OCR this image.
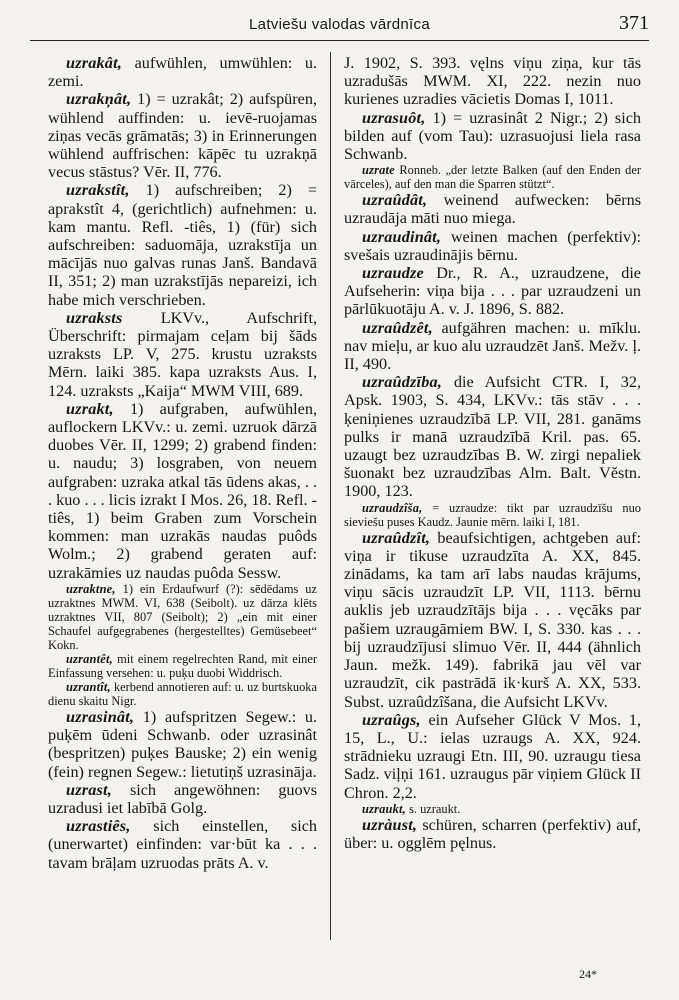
Latviešu valodas vārdnīca	371

uzrakât, aufwühlen, umwühlen: u. zemi.

uzrakņât, 1) = uzrakât; 2) aufspüren, wühlend auffinden: u. ievē-ruojamas ziņas vecās grāmatās; 3) in Erinnerungen wühlend auffrischen: kāpēc tu uzrakņā vecus stāstus? Vēr. II, 776.

uzrakstît, 1) aufschreiben; 2) = aprakstît 4, (gerichtlich) aufnehmen: u. kam mantu. Refl. -tiês, 1) (für) sich aufschreiben: saduomāja, uzrakstīja un mācījās nuo galvas runas Janš. Bandavā II, 351; 2) man uzrakstījās nepareizi, ich habe mich verschrieben.

uzraksts LKVv., Aufschrift, Überschrift: pirmajam ceļam bij šāds uzraksts LP. V, 275. krustu uzraksts Mērn. laiki 385. kapa uzraksts Aus. I, 124. uzraksts „Kaija“ MWM VIII, 689.

uzrakt, 1) aufgraben, aufwühlen, auflockern LKVv.: u. zemi. uzruok dārzā duobes Vēr. II, 1299; 2) grabend finden: u. naudu; 3) losgraben, von neuem aufgraben: uzraka atkal tās ūdens akas, . . . kuo . . . licis izrakt I Mos. 26, 18. Refl. -tiês, 1) beim Graben zum Vorschein kommen: man uzrakās naudas puôds Wolm.; 2) grabend geraten auf: uzrakāmies uz naudas puôda Sessw.

uzraktne, 1) ein Erdaufwurf (?): sēdēdams uz uzraktnes MWM. VI, 638 (Seibolt). uz dārza klēts uzraktnes VII, 807 (Seibolt); 2) „ein mit einer Schaufel aufgegrabenes (hergestelltes) Gemüsebeet“ Kokn.

uzrantêt, mit einem regelrechten Rand, mit einer Einfassung versehen: u. puķu duobi Widdrisch.

uzrantît, kerbend annotieren auf: u. uz burtskuoka dienu skaitu Nigr.

uzrasinât, 1) aufspritzen Segew.: u. puķēm ūdeni Schwanb. oder uzrasinât (bespritzen) puķes Bauske; 2) ein wenig (fein) regnen Segew.: lietutiņš uzrasināja.

uzrast, sich angewöhnen: guovs uzradusi iet labībā Golg.

uzrastiês, sich einstellen, sich (unerwartet) einfinden: var·būt ka . . . tavam brāļam uzruodas prāts A. v.

J. 1902, S. 393. vęlns viņu ziņa, kur tās uzradušās MWM. XI, 222. nezin nuo kurienes uzradies vācietis Domas I, 1011.

uzrasuôt, 1) = uzrasinât 2 Nigr.; 2) sich bilden auf (vom Tau): uzrasuojusi liela rasa Schwanb.

uzrate Ronneb. „der letzte Balken (auf den Enden der vārceles), auf den man die Sparren stützt“.

uzraûdât, weinend aufwecken: bērns uzraudāja māti nuo miega.

uzraudinât, weinen machen (perfektiv): svešais uzraudinājis bērnu.

uzraudze Dr., R. A., uzraudzene, die Aufseherin: viņa bija . . . par uzraudzeni un pārlūkuotāju A. v. J. 1896, S. 882.

uzraûdzêt, aufgähren machen: u. mīklu. nav mieļu, ar kuo alu uzraudzēt Janš. Mežv. ļ. II, 490.

uzraûdzība, die Aufsicht CTR. I, 32, Apsk. 1903, S. 434, LKVv.: tās stāv . . . ķeniņienes uzraudzībā LP. VII, 281. ganāms pulks ir manā uzraudzībā Kril. pas. 65. uzaugt bez uzraudzības B. W. zirgi nepaliek šuonakt bez uzraudzības Alm. Balt. Věstn. 1900, 123.

uzraudzîša, = uzraudze: tikt par uzraudzīšu nuo sieviešu puses Kaudz. Jaunie mērn. laiki I, 181.

uzraûdzît, beaufsichtigen, achtgeben auf: viņa ir tikuse uzraudzīta A. XX, 845. zinādams, ka tam arī labs naudas krājums, viņu sācis uzraudzīt LP. VII, 1113. bērnu auklis jeb uzraudzītājs bija . . . vęcāks par pašiem uzraugāmiem BW. I, S. 330. kas . . . bij uzraudzījusi slimuo Vēr. II, 444 (ähnlich Jaun. mežk. 149). fabrikā jau vēl var uzraudzīt, cik pastrādā ik·kurš A. XX, 533. Subst. uzraûdzîšana, die Aufsicht LKVv.

uzraûgs, ein Aufseher Glück V Mos. 1, 15, L., U.: ielas uzraugs A. XX, 924. strādnieku uzraugi Etn. III, 90. uzraugu tiesa Sadz. viļņi 161. uzraugus pār viņiem Glück II Chron. 2,2.

uzraukt, s. uzraukt.

uzràust, schüren, scharren (perfektiv) auf, über: u. ogglēm pęlnus.

24*
